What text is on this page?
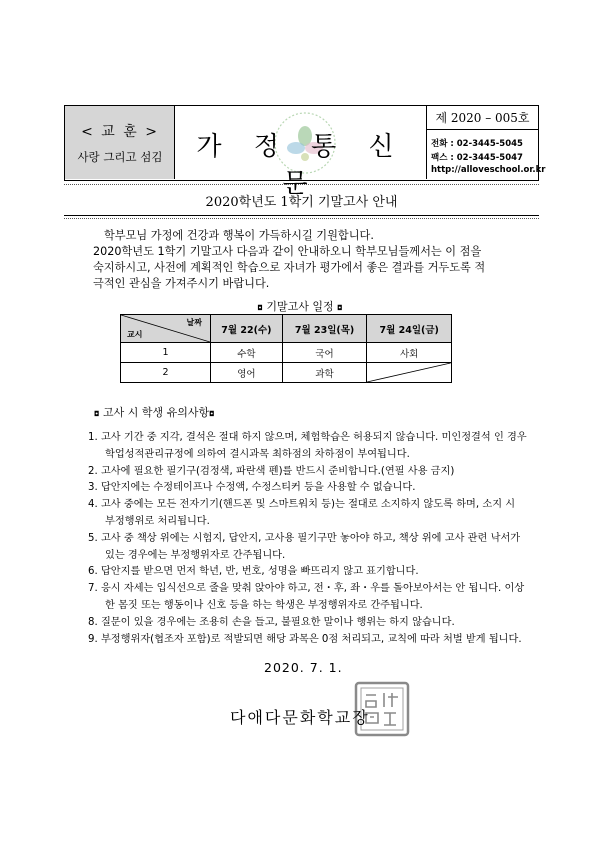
< 교 훈 >
사랑 그리고 섬김	가 정 통 신 문
제 2020 – 005호
전화 : 02-3445-5045
팩스 : 02-3445-5047
http://alloveschool.or.kr
2020학년도 1학기 기말고사 안내
학부모님 가정에 건강과 행복이 가득하시길 기원합니다.
2020학년도 1학기 기말고사 다음과 같이 안내하오니 학부모님들께서는 이 점을
숙지하시고, 사전에 계획적인 학습으로 자녀가 평가에서 좋은 결과를 거두도록 적
극적인 관심을 가져주시기 바랍니다.
◘ 기말고사 일정 ◘
날짜
교시	7월 22(수)	7월 23일(목)	7월 24일(금)
1	수학	국어	사회
2	영어	과학	
◘ 고사 시 학생 유의사항◘
1. 고사 기간 중 지각, 결석은 절대 하지 않으며, 체험학습은 허용되지 않습니다. 미인정결석 인 경우 학업성적관리규정에 의하여 결시과목 최하점의 차하점이 부여됩니다.
2. 고사에 필요한 필기구(검정색, 파란색 펜)를 반드시 준비합니다.(연필 사용 금지)
3. 답안지에는 수정테이프나 수정액, 수정스티커 등을 사용할 수 없습니다.
4. 고사 중에는 모든 전자기기(핸드폰 및 스마트워치 등)는 절대로 소지하지 않도록 하며, 소지 시 부정행위로 처리됩니다.
5. 고사 중 책상 위에는 시험지, 답안지, 고사용 필기구만 놓아야 하고, 책상 위에 고사 관련 낙서가 있는 경우에는 부정행위자로 간주됩니다.
6. 답안지를 받으면 먼저 학년, 반, 번호, 성명을 빠뜨리지 않고 표기합니다.
7. 응시 자세는 입식선으로 줄을 맞춰 앉아야 하고, 전・후, 좌・우를 돌아보아서는 안 됩니다. 이상한 몸짓 또는 행동이나 신호 등을 하는 학생은 부정행위자로 간주됩니다.
8. 질문이 있을 경우에는 조용히 손을 들고, 불필요한 말이나 행위는 하지 않습니다.
9. 부정행위자(협조자 포함)로 적발되면 해당 과목은 0점 처리되고, 교칙에 따라 처벌 받게 됩니다.
2020. 7. 1.
다애다문화학교장
